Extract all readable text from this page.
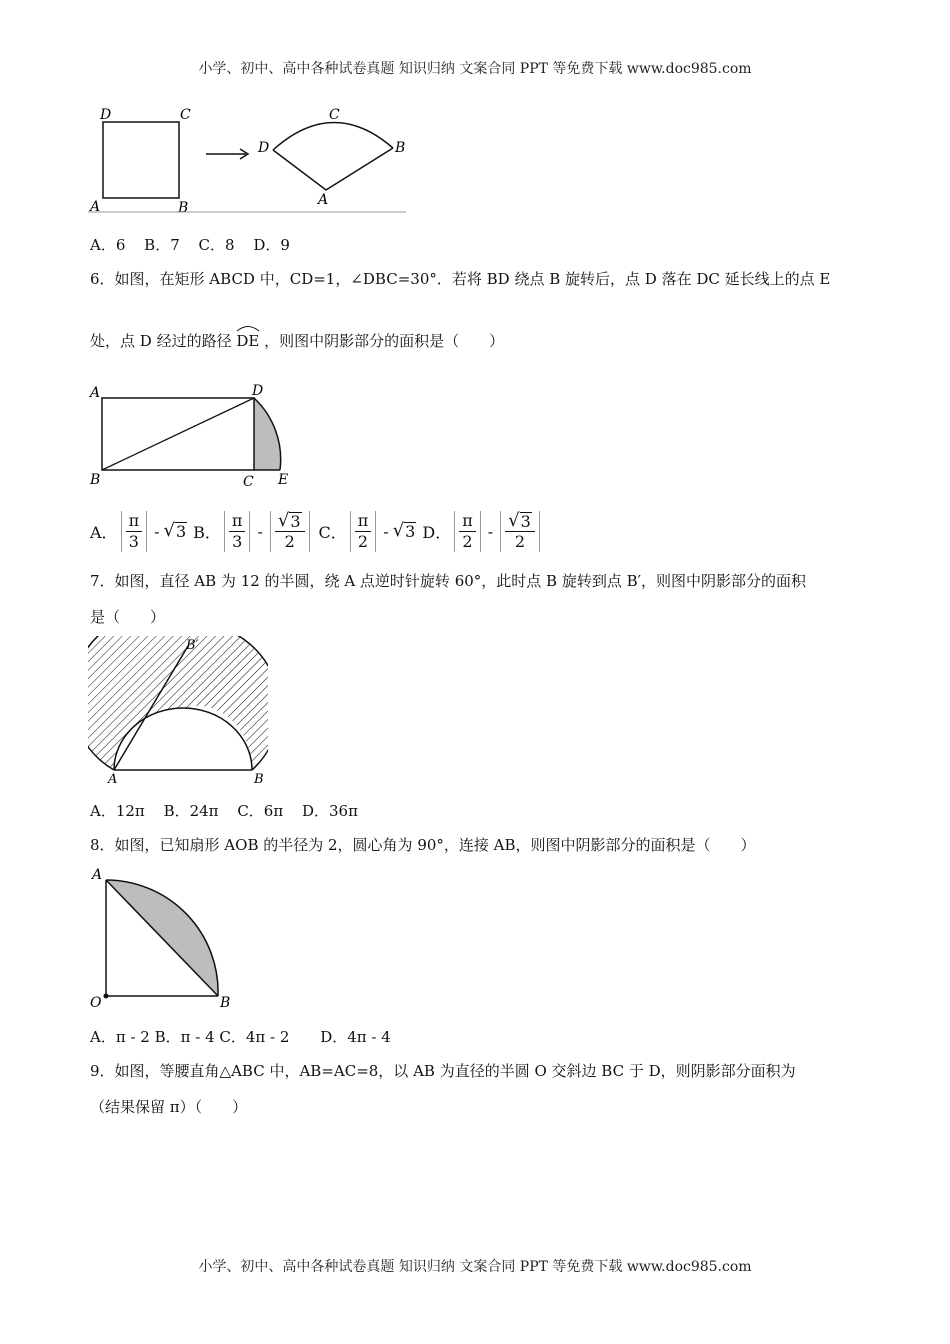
小学、初中、高中各种试卷真题 知识归纳 文案合同 PPT 等免费下载 www.doc985.com
D	C
A	B
C
D	B
A
A．6 B．7 C．8 D．9
6．如图，在矩形 ABCD 中，CD=1，∠DBC=30°．若将 BD 绕点 B 旋转后，点 D 落在 DC 延长线上的点 E
处，点 D 经过的路径 DE ，则图中阴影部分的面积是（　　）
A	D
B	C E
A． $\frac{\pi}{3}$ - √ 3 B． $\frac{\pi}{3} - \frac{√ 3}{2}$ C． $\frac{\pi}{2}$ - √ 3 D． $\frac{\pi}{2} - \frac{√ 3}{2}$
7．如图，直径 AB 为 12 的半圆，绕 A 点逆时针旋转 60°，此时点 B 旋转到点 B′，则图中阴影部分的面积
是（　　）
B′
A	B
A．12π B．24π C．6π D．36π
8．如图，已知扇形 AOB 的半径为 2，圆心角为 90°，连接 AB，则图中阴影部分的面积是（　　）
A
O	B
A．π - 2 B．π - 4 C．4π - 2 D．4π - 4
9．如图，等腰直角△ABC 中，AB=AC=8，以 AB 为直径的半圆 O 交斜边 BC 于 D，则阴影部分面积为
（结果保留 π）（　　）
小学、初中、高中各种试卷真题 知识归纳 文案合同 PPT 等免费下载 www.doc985.com
